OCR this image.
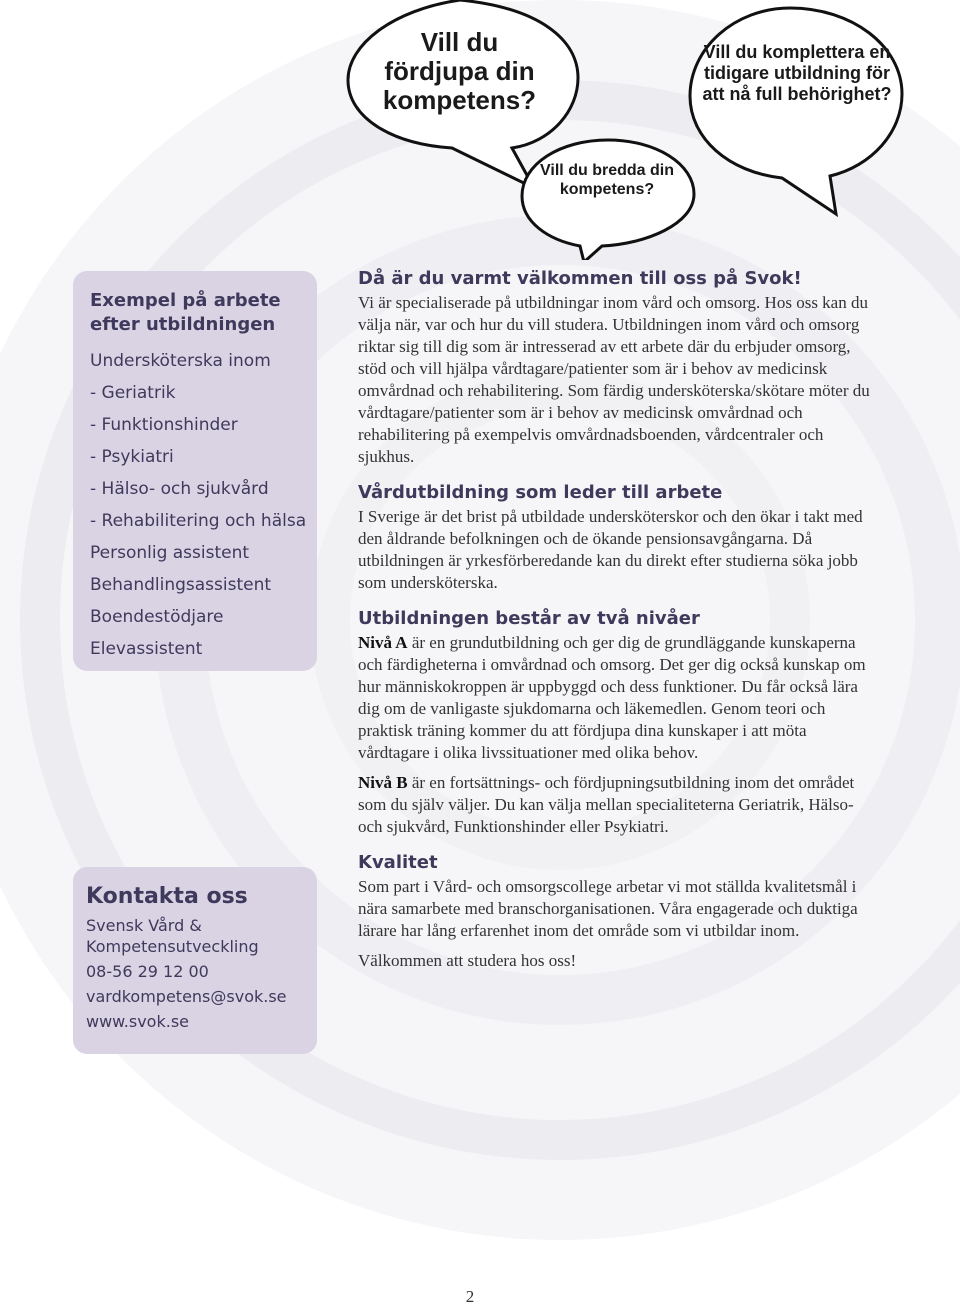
Vill du fördjupa din kompetens?
Vill du komplettera en tidigare utbildning för att nå full behörighet?
Vill du bredda din kompetens?
Exempel på arbete
efter utbildningen
Undersköterska inom
- Geriatrik
- Funktionshinder
- Psykiatri
- Hälso- och sjukvård
- Rehabilitering och hälsa
Personlig assistent
Behandlingsassistent
Boendestödjare
Elevassistent
Kontakta oss
Svensk Vård &
Kompetensutveckling
08-56 29 12 00
vardkompetens@svok.se
www.svok.se
Då är du varmt välkommen till oss på Svok!

Vi är specialiserade på utbildningar inom vård och omsorg. Hos oss kan du välja när, var och hur du vill studera. Utbildningen inom vård och omsorg riktar sig till dig som är intresserad av ett arbete där du erbjuder omsorg, stöd och vill hjälpa vårdtagare/patienter som är i behov av medicinsk omvårdnad och rehabilitering. Som färdig undersköterska/skötare möter du vårdtagare/patienter som är i behov av medicinsk omvårdnad och rehabilitering på exempelvis omvårdnadsboenden, vårdcentraler och sjukhus.

Vårdutbildning som leder till arbete

I Sverige är det brist på utbildade undersköterskor och den ökar i takt med den åldrande befolkningen och de ökande pensionsavgångarna. Då utbildningen är yrkesförberedande kan du direkt efter studierna söka jobb som undersköterska.

Utbildningen består av två nivåer

Nivå A är en grundutbildning och ger dig de grundläggande kunskaperna och färdigheterna i omvårdnad och omsorg. Det ger dig också kunskap om hur människokroppen är uppbyggd och dess funktioner. Du får också lära dig om de vanligaste sjukdomarna och läkemedlen. Genom teori och praktisk träning kommer du att fördjupa dina kunskaper i att möta vårdtagare i olika livssituationer med olika behov.

Nivå B är en fortsättnings- och fördjupningsutbildning inom det området som du själv väljer. Du kan välja mellan specialiteterna Geriatrik, Hälso- och sjukvård, Funktionshinder eller Psykiatri.

Kvalitet

Som part i Vård- och omsorgscollege arbetar vi mot ställda kvalitetsmål i nära samarbete med branschorganisationen. Våra engagerade och duktiga lärare har lång erfarenhet inom det område som vi utbildar inom.

Välkommen att studera hos oss!

2
